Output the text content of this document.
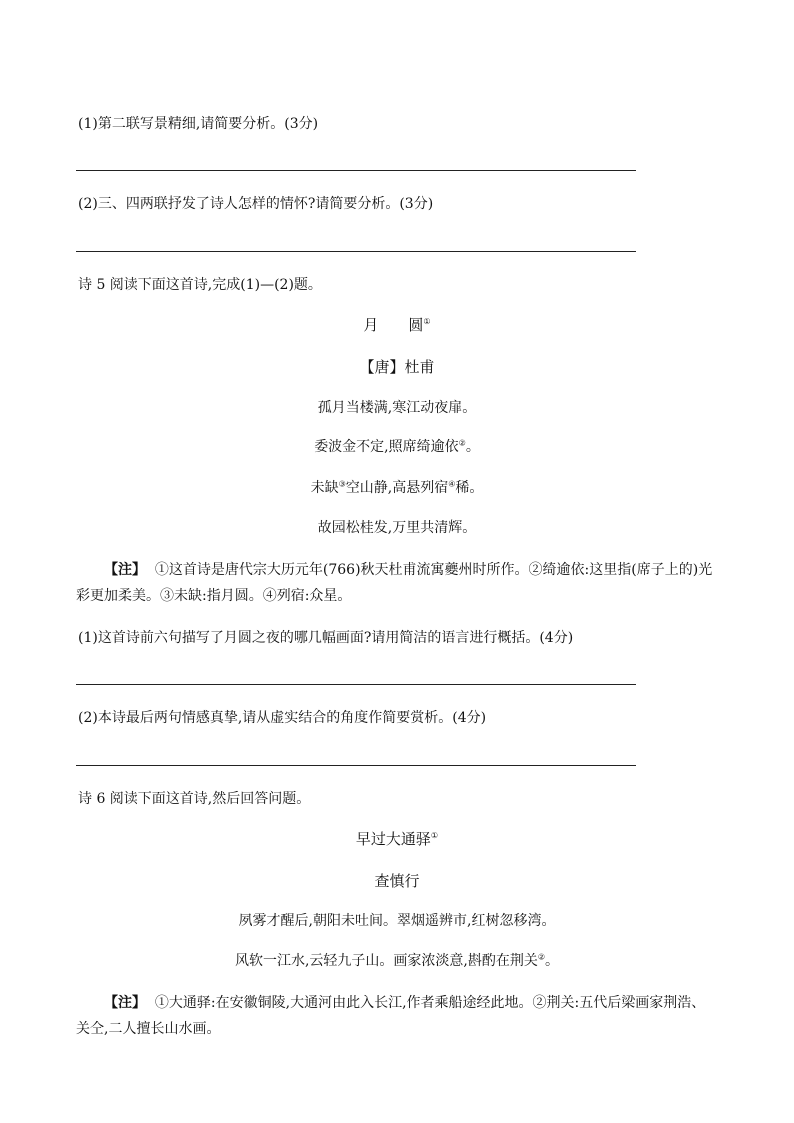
(1)第二联写景精细,请简要分析。(3分)
(2)三、四两联抒发了诗人怎样的情怀?请简要分析。(3分)
诗 5 阅读下面这首诗,完成(1)—(2)题。
月　　圆①
【唐】杜甫
孤月当楼满,寒江动夜扉。
委波金不定,照席绮逾依②。
未缺③空山静,高悬列宿④稀。
故园松桂发,万里共清辉。
【注】 ①这首诗是唐代宗大历元年(766)秋天杜甫流寓夔州时所作。②绮逾依:这里指(席子上的)光彩更加柔美。③未缺:指月圆。④列宿:众星。
(1)这首诗前六句描写了月圆之夜的哪几幅画面?请用简洁的语言进行概括。(4分)
(2)本诗最后两句情感真挚,请从虚实结合的角度作简要赏析。(4分)
诗 6 阅读下面这首诗,然后回答问题。
早过大通驿①
查慎行
夙雾才醒后,朝阳未吐间。翠烟遥辨市,红树忽移湾。
风软一江水,云轻九子山。画家浓淡意,斟酌在荆关②。
【注】 ①大通驿:在安徽铜陵,大通河由此入长江,作者乘船途经此地。②荆关:五代后梁画家荆浩、关仝,二人擅长山水画。
